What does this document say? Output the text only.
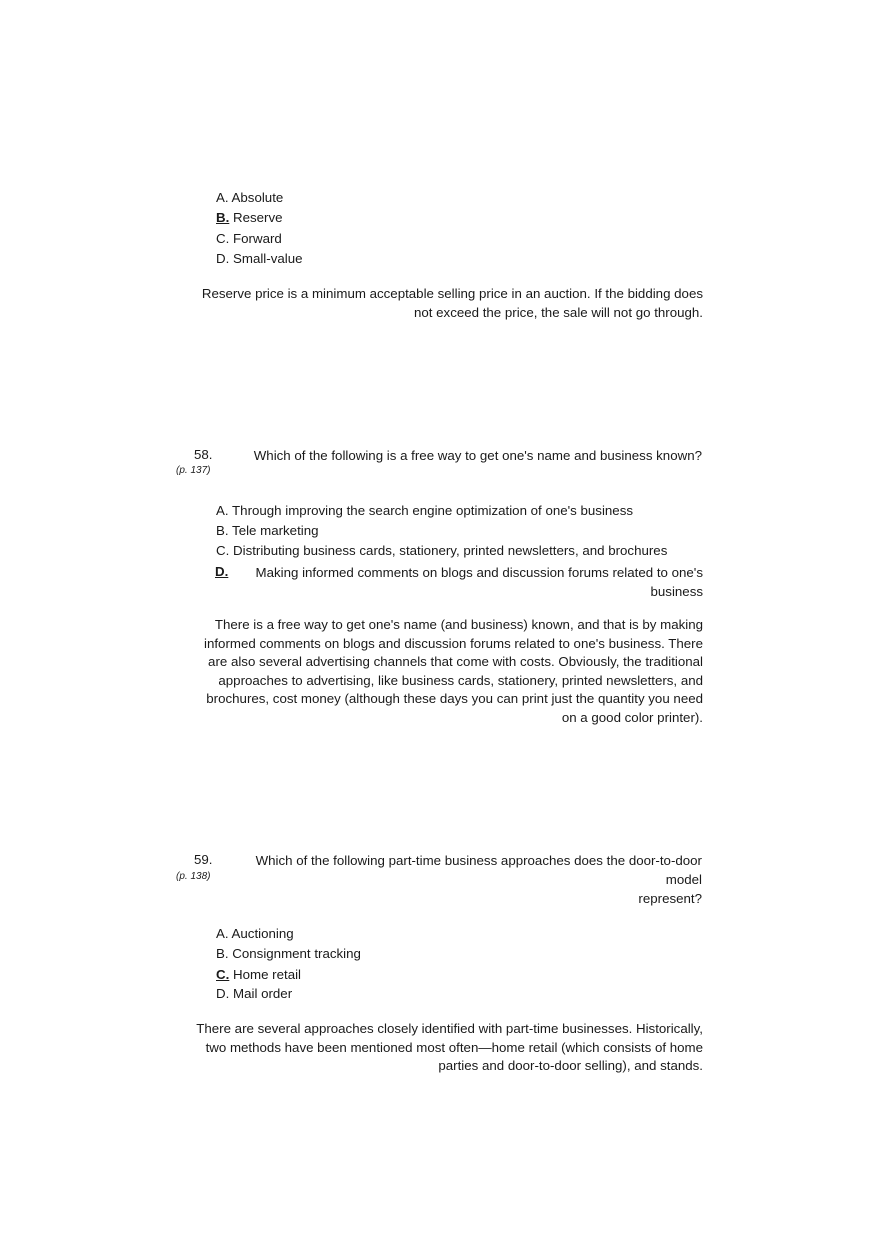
A. Absolute
B. Reserve
C. Forward
D. Small-value
Reserve price is a minimum acceptable selling price in an auction. If the bidding does
not exceed the price, the sale will not go through.
58.
(p. 137)
Which of the following is a free way to get one's name and business known?
A. Through improving the search engine optimization of one's business
B. Tele marketing
C. Distributing business cards, stationery, printed newsletters, and brochures
D.	Making informed comments on blogs and discussion forums related to one's
business
There is a free way to get one's name (and business) known, and that is by making
informed comments on blogs and discussion forums related to one's business. There
are also several advertising channels that come with costs. Obviously, the traditional
approaches to advertising, like business cards, stationery, printed newsletters, and
brochures, cost money (although these days you can print just the quantity you need
on a good color printer).
59.
(p. 138)
Which of the following part-time business approaches does the door-to-door model
represent?
A. Auctioning
B. Consignment tracking
C. Home retail
D. Mail order
There are several approaches closely identified with part-time businesses. Historically,
two methods have been mentioned most often—home retail (which consists of home
parties and door-to-door selling), and stands.
